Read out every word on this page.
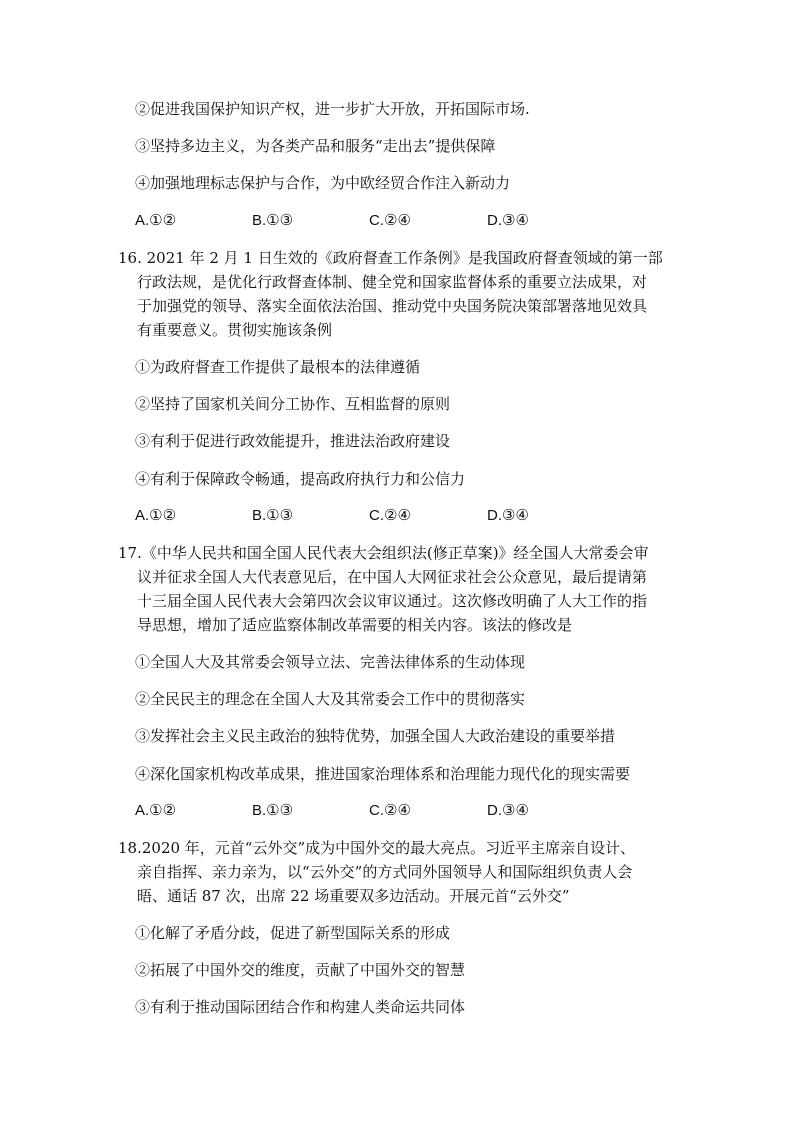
②促进我国保护知识产权，进一步扩大开放，开拓国际市场.
③坚持多边主义，为各类产品和服务“走出去”提供保障
④加强地理标志保护与合作，为中欧经贸合作注入新动力
A.①②	B.①③	C.②④	D.③④
16. 2021 年 2 月 1 日生效的《政府督查工作条例》是我国政府督查领域的第一部
行政法规，是优化行政督查体制、健全党和国家监督体系的重要立法成果，对
于加强党的领导、落实全面依法治国、推动党中央国务院决策部署落地见效具
有重要意义。贯彻实施该条例
①为政府督查工作提供了最根本的法律遵循
②坚持了国家机关间分工协作、互相监督的原则
③有利于促进行政效能提升，推进法治政府建设
④有利于保障政令畅通，提高政府执行力和公信力
A.①②	B.①③	C.②④	D.③④
17.《中华人民共和国全国人民代表大会组织法(修正草案)》经全国人大常委会审
议并征求全国人大代表意见后，在中国人大网征求社会公众意见，最后提请第
十三届全国人民代表大会第四次会议审议通过。这次修改明确了人大工作的指
导思想，增加了适应监察体制改革需要的相关内容。该法的修改是
①全国人大及其常委会领导立法、完善法律体系的生动体现
②全民民主的理念在全国人大及其常委会工作中的贯彻落实
③发挥社会主义民主政治的独特优势，加强全国人大政治建设的重要举措
④深化国家机构改革成果，推进国家治理体系和治理能力现代化的现实需要
A.①②	B.①③	C.②④	D.③④
18.2020 年，元首“云外交”成为中国外交的最大亮点。习近平主席亲自设计、
亲自指挥、亲力亲为，以“云外交”的方式同外国领导人和国际组织负责人会
晤、通话 87 次，出席 22 场重要双多边活动。开展元首“云外交”
①化解了矛盾分歧，促进了新型国际关系的形成
②拓展了中国外交的维度，贡献了中国外交的智慧
③有利于推动国际团结合作和构建人类命运共同体
